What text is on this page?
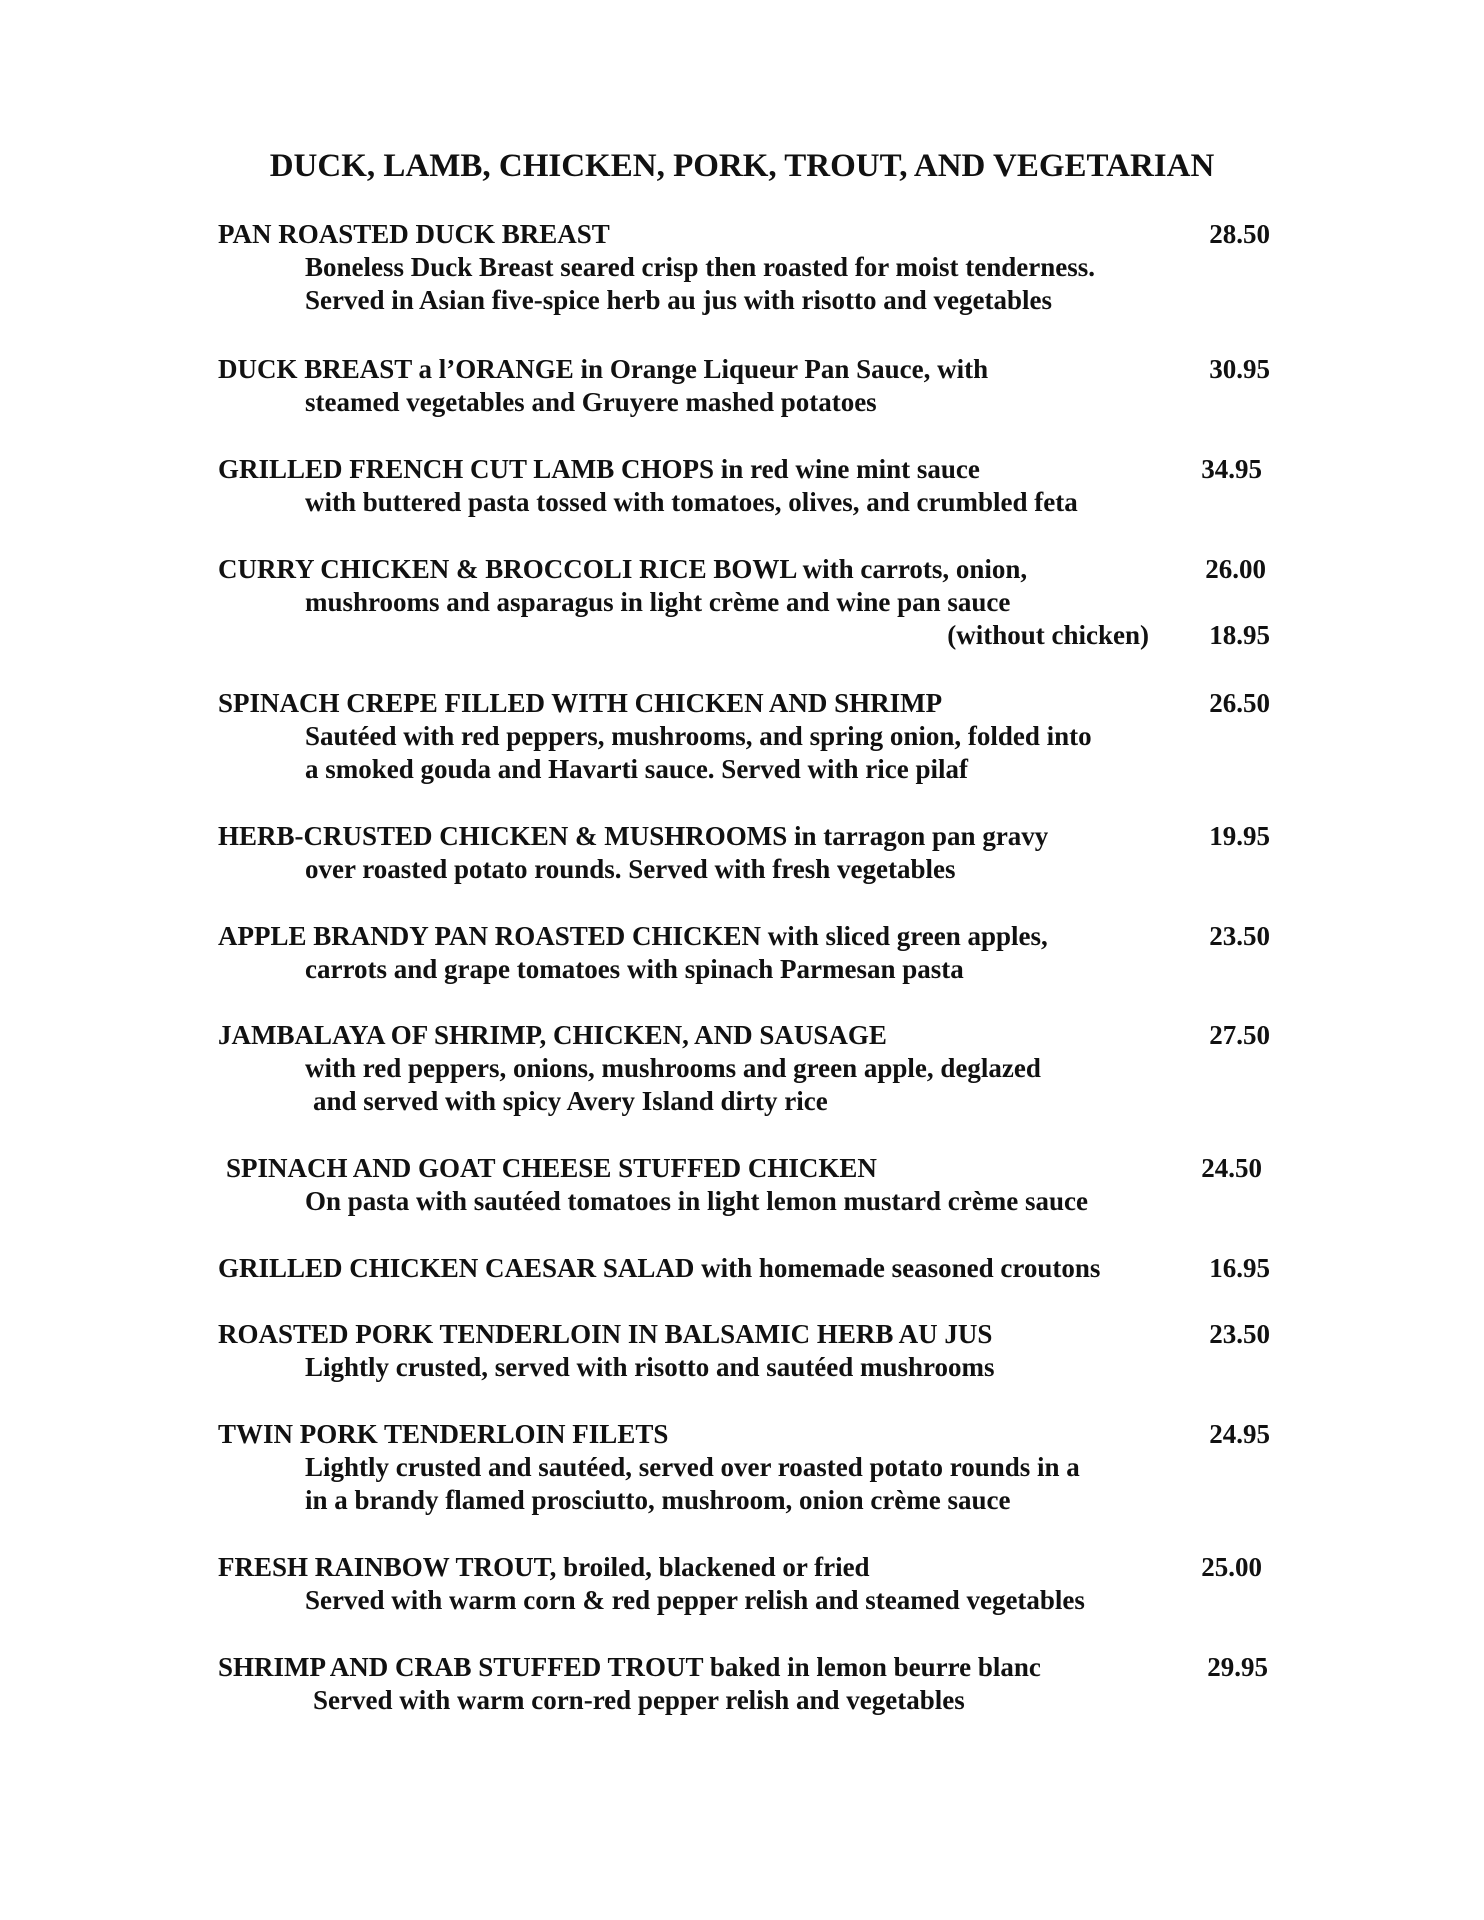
DUCK, LAMB, CHICKEN, PORK, TROUT, AND VEGETARIAN
PAN ROASTED DUCK BREAST	28.50
Boneless Duck Breast seared crisp then roasted for moist tenderness.
Served in Asian five-spice herb au jus with risotto and vegetables
DUCK BREAST a l’ORANGE in Orange Liqueur Pan Sauce, with	30.95
steamed vegetables and Gruyere mashed potatoes
GRILLED FRENCH CUT LAMB CHOPS in red wine mint sauce	34.95
with buttered pasta tossed with tomatoes, olives, and crumbled feta
CURRY CHICKEN & BROCCOLI RICE BOWL with carrots, onion,	26.00
mushrooms and asparagus in light crème and wine pan sauce
(without chicken) 18.95
SPINACH CREPE FILLED WITH CHICKEN AND SHRIMP	26.50
Sautéed with red peppers, mushrooms, and spring onion, folded into
a smoked gouda and Havarti sauce. Served with rice pilaf
HERB-CRUSTED CHICKEN & MUSHROOMS in tarragon pan gravy	19.95
over roasted potato rounds. Served with fresh vegetables
APPLE BRANDY PAN ROASTED CHICKEN with sliced green apples,	23.50
carrots and grape tomatoes with spinach Parmesan pasta
JAMBALAYA OF SHRIMP, CHICKEN, AND SAUSAGE	27.50
with red peppers, onions, mushrooms and green apple, deglazed
and served with spicy Avery Island dirty rice
SPINACH AND GOAT CHEESE STUFFED CHICKEN	24.50
On pasta with sautéed tomatoes in light lemon mustard crème sauce
GRILLED CHICKEN CAESAR SALAD with homemade seasoned croutons	16.95
ROASTED PORK TENDERLOIN IN BALSAMIC HERB AU JUS	23.50
Lightly crusted, served with risotto and sautéed mushrooms
TWIN PORK TENDERLOIN FILETS	24.95
Lightly crusted and sautéed, served over roasted potato rounds in a
in a brandy flamed prosciutto, mushroom, onion crème sauce
FRESH RAINBOW TROUT, broiled, blackened or fried	25.00
Served with warm corn & red pepper relish and steamed vegetables
SHRIMP AND CRAB STUFFED TROUT baked in lemon beurre blanc	29.95
Served with warm corn-red pepper relish and vegetables
